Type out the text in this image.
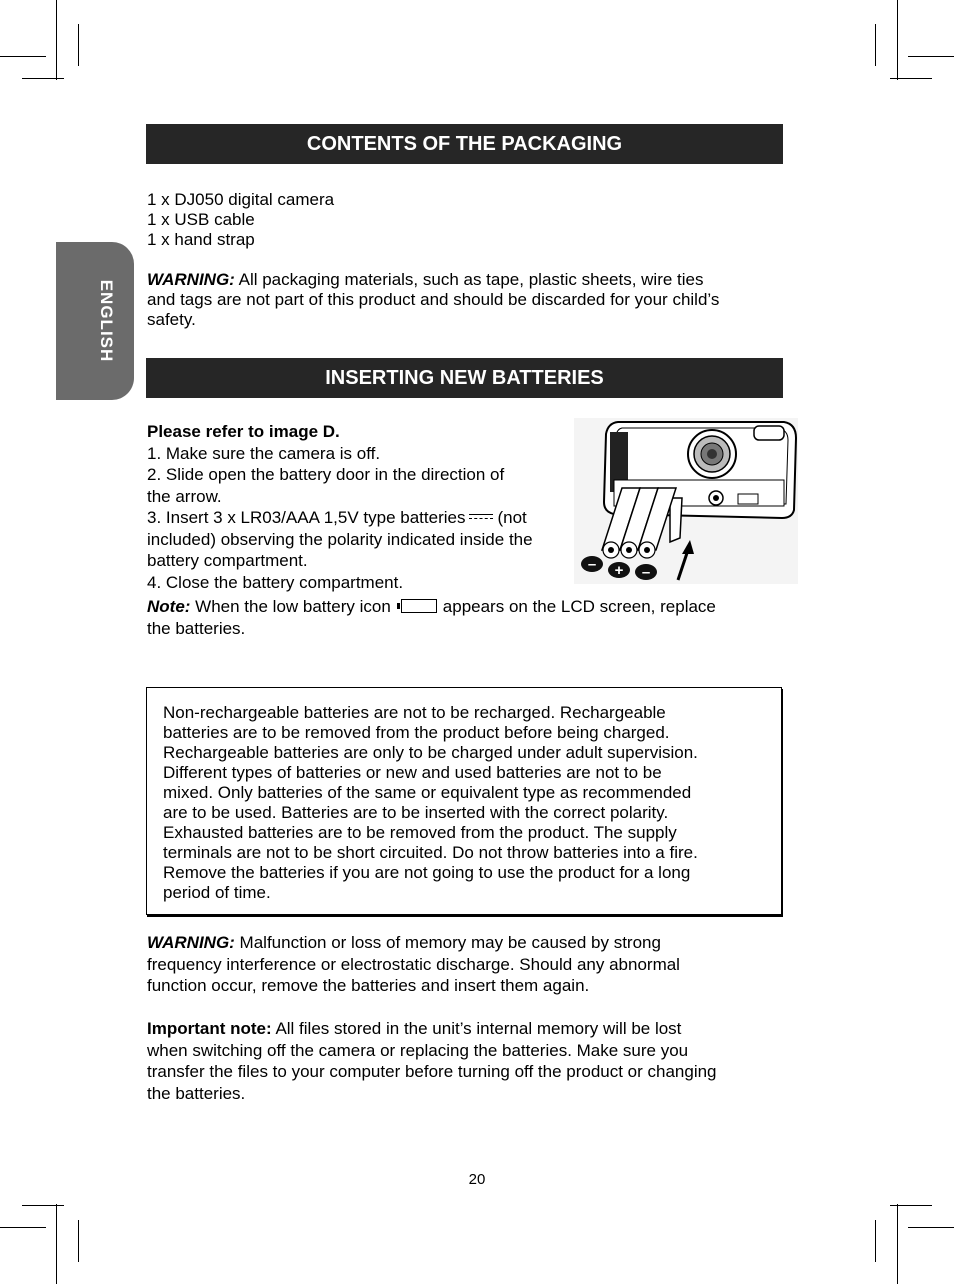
ENGLISH
CONTENTS OF THE PACKAGING
1 x DJ050 digital camera
1 x USB cable
1 x hand strap
WARNING: All packaging materials, such as tape, plastic sheets, wire ties
and tags are not part of this product and should be discarded for your child’s
safety.
INSERTING NEW BATTERIES
Please refer to image D.
1. Make sure the camera is off.
2. Slide open the battery door in the direction of
the arrow.
3. Insert 3 x LR03/AAA 1,5V type batteries (not
included) observing the polarity indicated inside the
battery compartment.
4. Close the battery compartment.
Note: When the low battery icon	appears on the LCD screen, replace
the batteries.
– + –

Non-rechargeable batteries are not to be recharged. Rechargeable
batteries are to be removed from the product before being charged.
Rechargeable batteries are only to be charged under adult supervision.
Different types of batteries or new and used batteries are not to be
mixed. Only batteries of the same or equivalent type as recommended
are to be used. Batteries are to be inserted with the correct polarity.
Exhausted batteries are to be removed from the product. The supply
terminals are not to be short circuited. Do not throw batteries into a fire.
Remove the batteries if you are not going to use the product for a long
period of time.

WARNING: Malfunction or loss of memory may be caused by strong
frequency interference or electrostatic discharge. Should any abnormal
function occur, remove the batteries and insert them again.
Important note: All files stored in the unit’s internal memory will be lost
when switching off the camera or replacing the batteries. Make sure you
transfer the files to your computer before turning off the product or changing
the batteries.
20
